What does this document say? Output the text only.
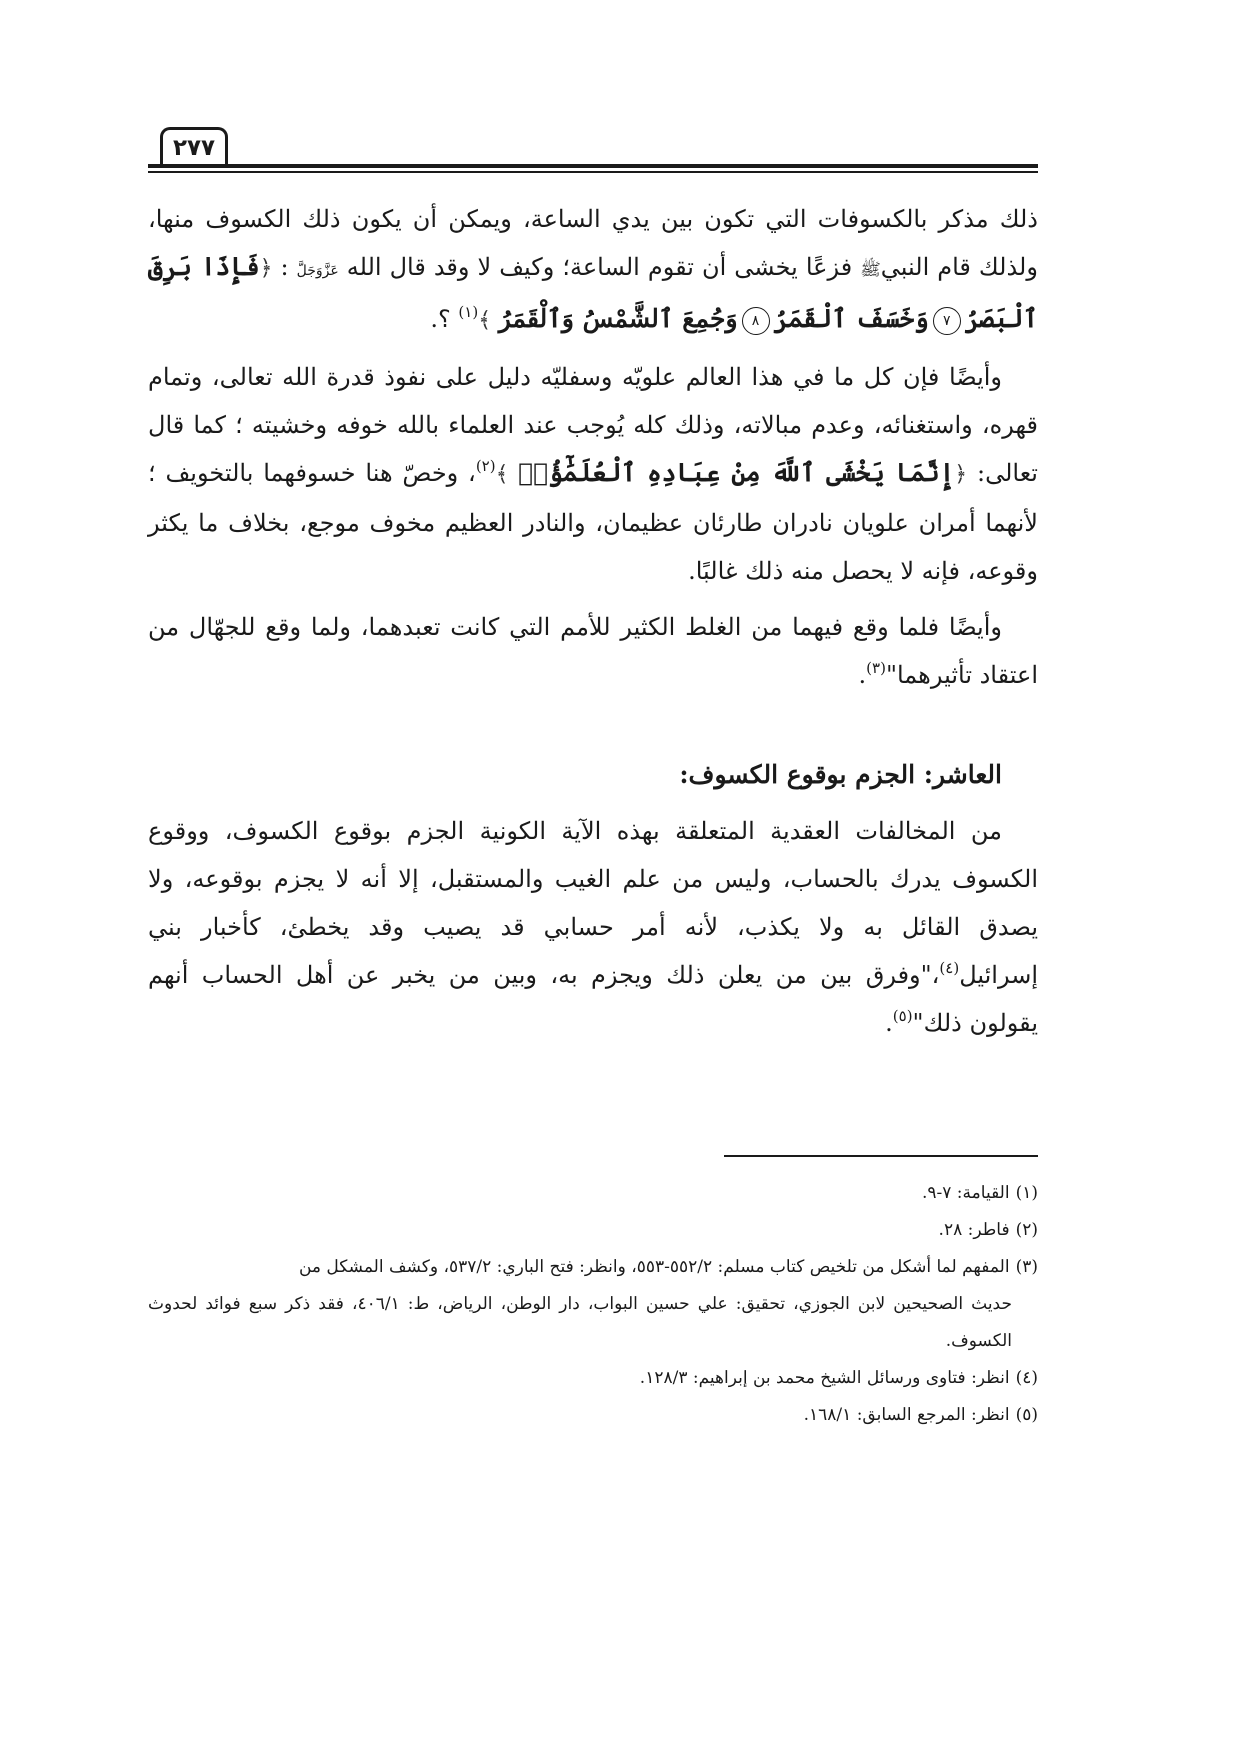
٢٧٧

ذلك مذكر بالكسوفات التي تكون بين يدي الساعة، ويمكن أن يكون ذلك الكسوف منها، ولذلك قام النبيﷺ فزعًا يخشى أن تقوم الساعة؛ وكيف لا وقد قال الله عَزَّوَجَلَّ : ﴿فَإِذَا بَرِقَ ٱلْبَصَرُ٧وَخَسَفَ ٱلْقَمَرُ٨وَجُمِعَ ٱلشَّمْسُ وَٱلْقَمَرُ ﴾$^{(١)}$ ؟.

وأيضًا فإن كل ما في هذا العالم علويّه وسفليّه دليل على نفوذ قدرة الله تعالى، وتمام قهره، واستغنائه، وعدم مبالاته، وذلك كله يُوجب عند العلماء بالله خوفه وخشيته ؛ كما قال تعالى: ﴿إِنَّمَا يَخْشَى ٱللَّهَ مِنْ عِبَادِهِ ٱلْعُلَمَٰٓؤُا۟ ﴾$^{(٢)}$، وخصّ هنا خسوفهما بالتخويف ؛ لأنهما أمران علويان نادران طارئان عظيمان، والنادر العظيم مخوف موجع، بخلاف ما يكثر وقوعه، فإنه لا يحصل منه ذلك غالبًا.

وأيضًا فلما وقع فيهما من الغلط الكثير للأمم التي كانت تعبدهما، ولما وقع للجهّال من اعتقاد تأثيرهما"$^{(٣)}$.

العاشر: الجزم بوقوع الكسوف:

من المخالفات العقدية المتعلقة بهذه الآية الكونية الجزم بوقوع الكسوف، ووقوع الكسوف يدرك بالحساب، وليس من علم الغيب والمستقبل، إلا أنه لا يجزم بوقوعه، ولا يصدق القائل به ولا يكذب، لأنه أمر حسابي قد يصيب وقد يخطئ، كأخبار بني إسرائيل$^{(٤)}$،"وفرق بين من يعلن ذلك ويجزم به، وبين من يخبر عن أهل الحساب أنهم يقولون ذلك"$^{(٥)}$.

(١)القيامة: ٧-٩.

(٢)فاطر: ٢٨.

(٣)المفهم لما أشكل من تلخيص كتاب مسلم: ٥٥٢/٢-٥٥٣، وانظر: فتح الباري: ٥٣٧/٢، وكشف المشكل من

حديث الصحيحين لابن الجوزي، تحقيق: علي حسين البواب، دار الوطن، الرياض، ط: ٤٠٦/١، فقد ذكر سبع فوائد لحدوث الكسوف.

(٤)انظر: فتاوى ورسائل الشيخ محمد بن إبراهيم: ١٢٨/٣.

(٥)انظر: المرجع السابق: ١٦٨/١.
